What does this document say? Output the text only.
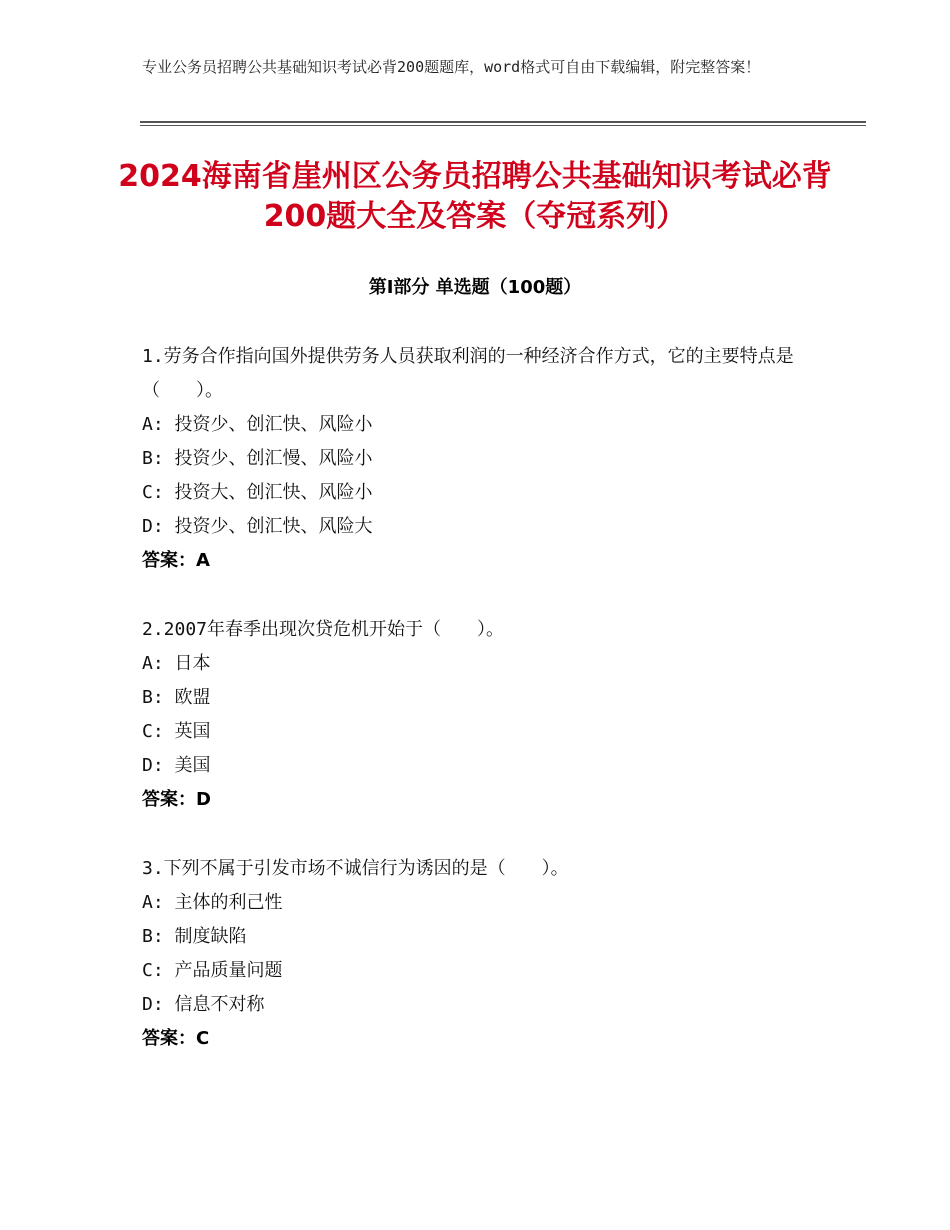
专业公务员招聘公共基础知识考试必背200题题库，word格式可自由下载编辑，附完整答案！
2024海南省崖州区公务员招聘公共基础知识考试必背200题大全及答案（夺冠系列）
第Ⅰ部分 单选题（100题）
1.劳务合作指向国外提供劳务人员获取利润的一种经济合作方式，它的主要特点是（　　）。
A: 投资少、创汇快、风险小
B: 投资少、创汇慢、风险小
C: 投资大、创汇快、风险小
D: 投资少、创汇快、风险大
答案：A
2.2007年春季出现次贷危机开始于（　　）。
A: 日本
B: 欧盟
C: 英国
D: 美国
答案：D
3.下列不属于引发市场不诚信行为诱因的是（　　）。
A: 主体的利己性
B: 制度缺陷
C: 产品质量问题
D: 信息不对称
答案：C
